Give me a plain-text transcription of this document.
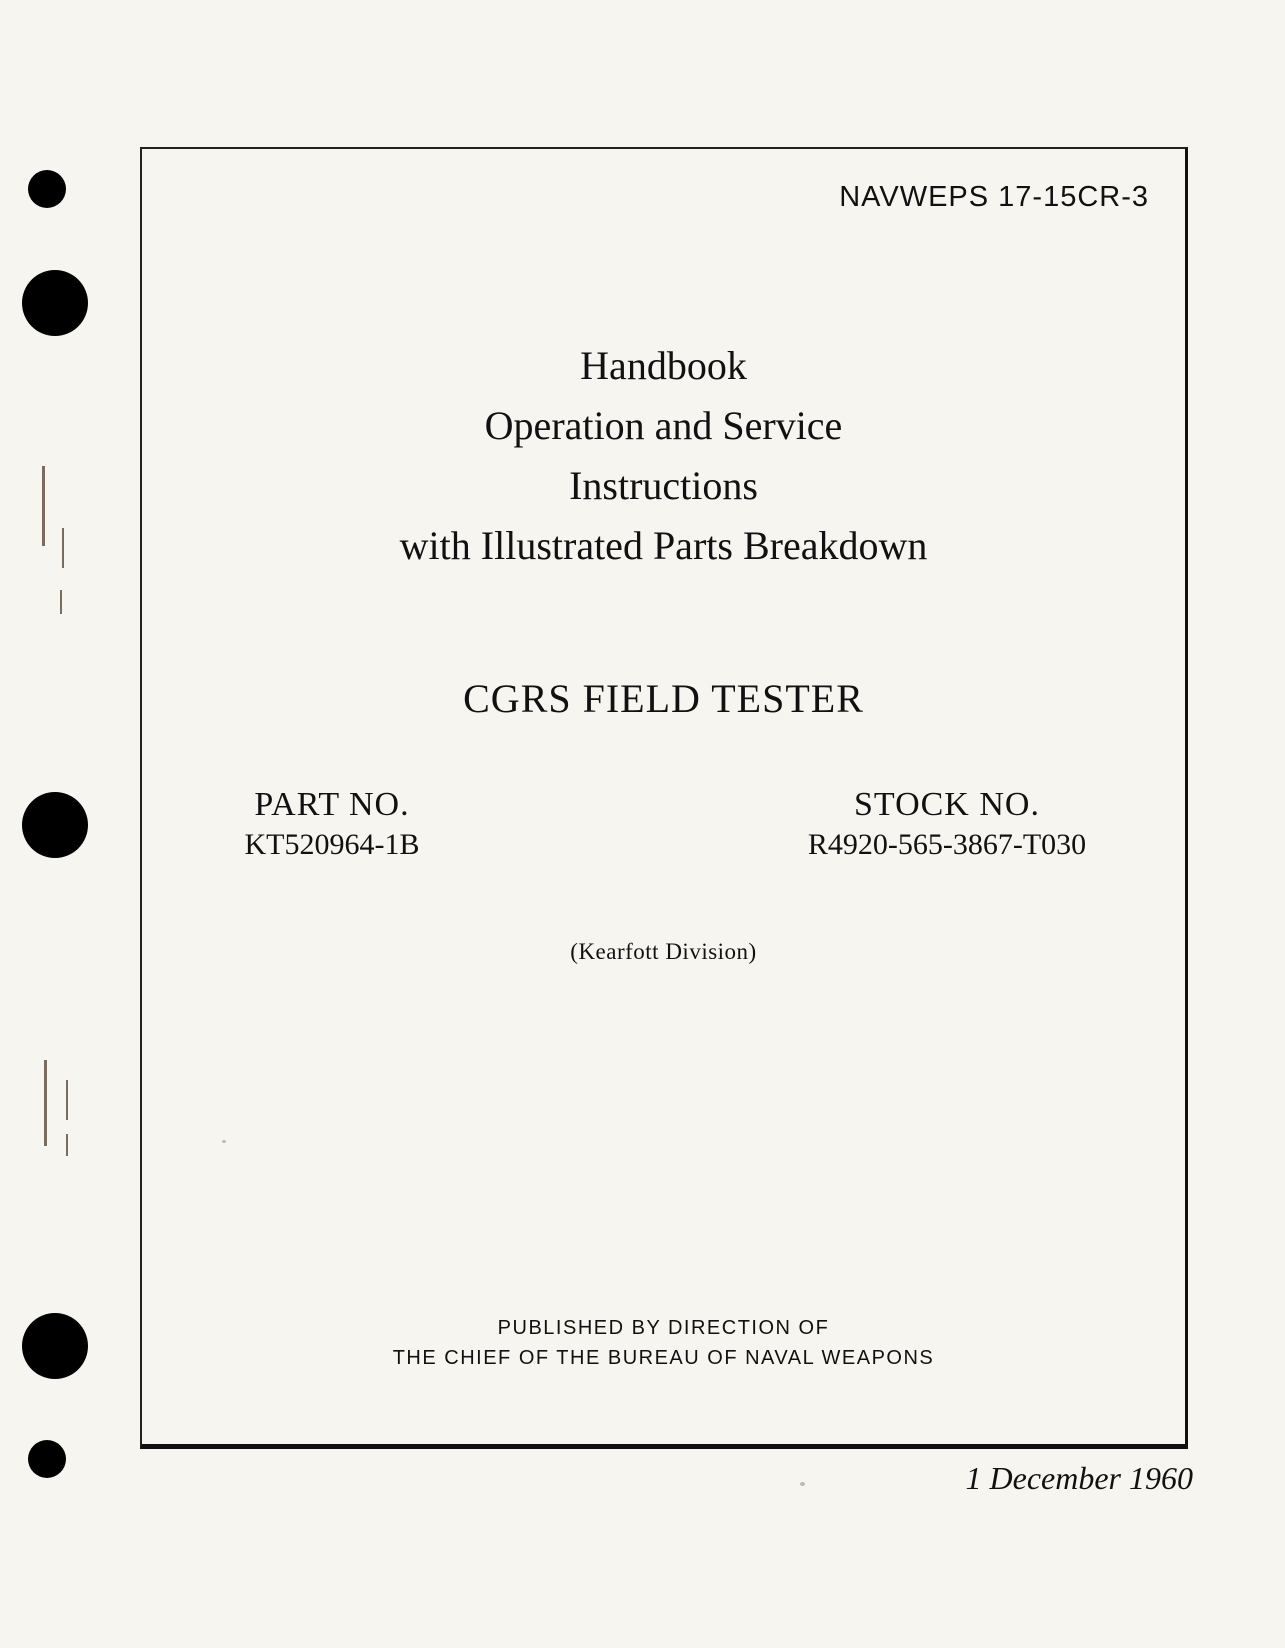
NAVWEPS 17-15CR-3

Handbook

Operation and Service

Instructions

with Illustrated Parts Breakdown

CGRS FIELD TESTER
PART NO.
KT520964-1B
STOCK NO.
R4920-565-3867-T030
(Kearfott Division)
PUBLISHED BY DIRECTION OF
THE CHIEF OF THE BUREAU OF NAVAL WEAPONS
1 December 1960
